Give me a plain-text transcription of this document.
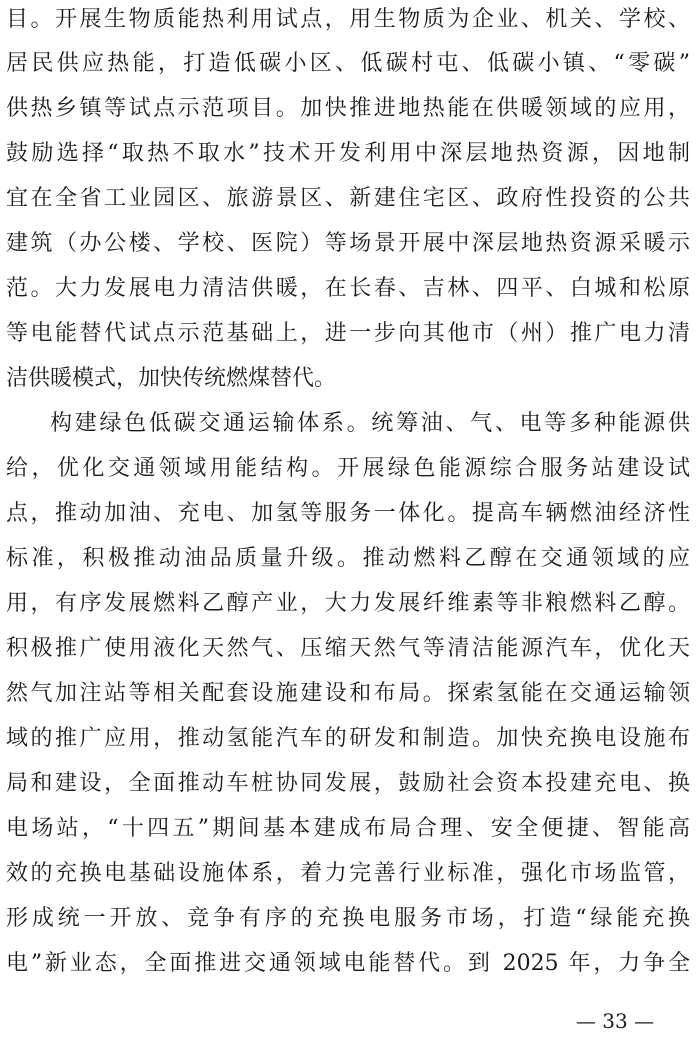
目。开展生物质能热利用试点，用生物质为企业、机关、学校、
居民供应热能，打造低碳小区、低碳村屯、低碳小镇、“零碳”
供热乡镇等试点示范项目。加快推进地热能在供暖领域的应用，
鼓励选择“取热不取水”技术开发利用中深层地热资源，因地制
宜在全省工业园区、旅游景区、新建住宅区、政府性投资的公共
建筑（办公楼、学校、医院）等场景开展中深层地热资源采暖示
范。大力发展电力清洁供暖，在长春、吉林、四平、白城和松原
等电能替代试点示范基础上，进一步向其他市（州）推广电力清
洁供暖模式，加快传统燃煤替代。
构建绿色低碳交通运输体系。统筹油、气、电等多种能源供
给，优化交通领域用能结构。开展绿色能源综合服务站建设试
点，推动加油、充电、加氢等服务一体化。提高车辆燃油经济性
标准，积极推动油品质量升级。推动燃料乙醇在交通领域的应
用，有序发展燃料乙醇产业，大力发展纤维素等非粮燃料乙醇。
积极推广使用液化天然气、压缩天然气等清洁能源汽车，优化天
然气加注站等相关配套设施建设和布局。探索氢能在交通运输领
域的推广应用，推动氢能汽车的研发和制造。加快充换电设施布
局和建设，全面推动车桩协同发展，鼓励社会资本投建充电、换
电场站，“十四五”期间基本建成布局合理、安全便捷、智能高
效的充换电基础设施体系，着力完善行业标准，强化市场监管，
形成统一开放、竞争有序的充换电服务市场，打造“绿能充换
电”新业态，全面推进交通领域电能替代。到 2025 年，力争全
— 33 —
